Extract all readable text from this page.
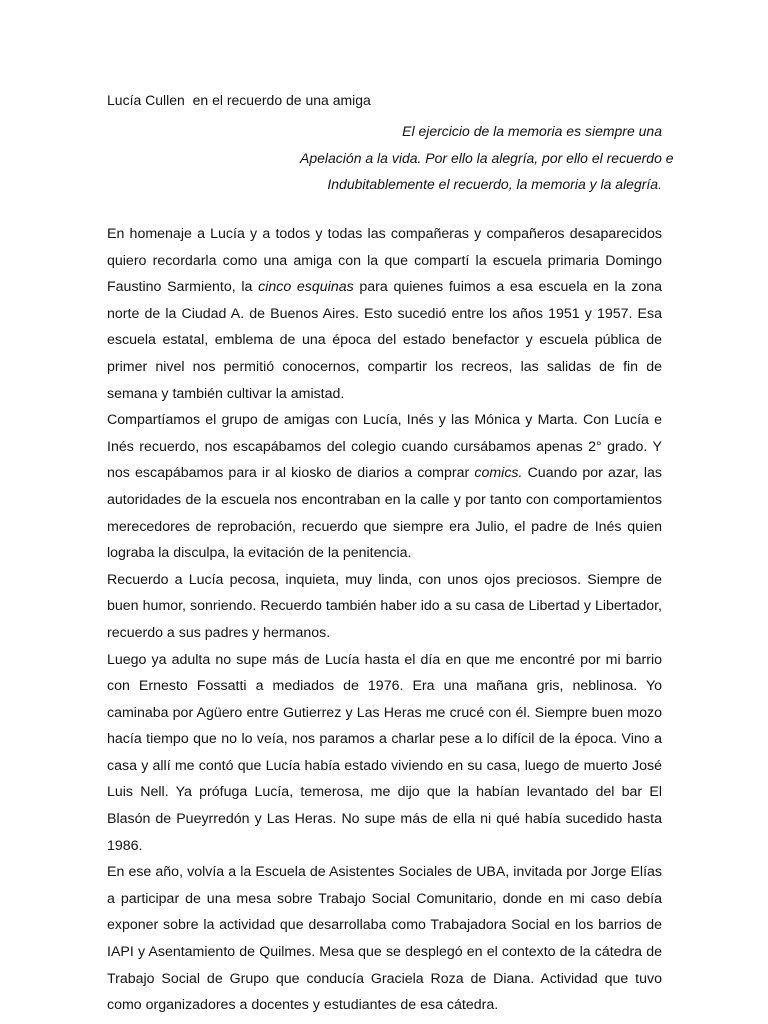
Lucía Cullen  en el recuerdo de una amiga
El ejercicio de la memoria es siempre una
Apelación a la vida. Por ello la alegría, por ello el recuerdo e
Indubitablemente el recuerdo, la memoria y la alegría.

En homenaje a Lucía y a todos y todas las compañeras y compañeros desaparecidos quiero recordarla como una amiga con la que compartí la escuela primaria Domingo Faustino Sarmiento, la cinco esquinas para quienes fuimos a esa escuela en la zona norte de la Ciudad A. de Buenos Aires. Esto sucedió entre los años 1951 y 1957. Esa escuela estatal, emblema de una época del estado benefactor y escuela pública de primer nivel nos permitió conocernos, compartir los recreos, las salidas de fin de semana y también cultivar la amistad.

Compartíamos el grupo de amigas con Lucía, Inés y las Mónica y Marta. Con Lucía e Inés recuerdo, nos escapábamos del colegio cuando cursábamos apenas 2° grado. Y nos escapábamos para ir al kiosko de diarios a comprar comics. Cuando por azar, las autoridades de la escuela nos encontraban en la calle y por tanto con comportamientos merecedores de reprobación, recuerdo que siempre era Julio, el padre de Inés quien lograba la disculpa, la evitación de la penitencia.

Recuerdo a Lucía pecosa, inquieta, muy linda, con unos ojos preciosos. Siempre de buen humor, sonriendo. Recuerdo también haber ido a su casa de Libertad y Libertador, recuerdo a sus padres y hermanos.

Luego ya adulta no supe más de Lucía hasta el día en que me encontré por mi barrio con Ernesto Fossatti a mediados de 1976. Era una mañana gris, neblinosa. Yo caminaba por Agüero entre Gutierrez y Las Heras me crucé con él. Siempre buen mozo hacía tiempo que no lo veía, nos paramos a charlar pese a lo difícil de la época. Vino a casa y allí me contó que Lucía había estado viviendo en su casa, luego de muerto José Luis Nell. Ya prófuga Lucía, temerosa, me dijo que la habían levantado del bar El Blasón de Pueyrredón y Las Heras. No supe más de ella ni qué había sucedido hasta 1986.

En ese año, volvía a la Escuela de Asistentes Sociales de UBA, invitada por Jorge Elías a participar de una mesa sobre Trabajo Social Comunitario, donde en mi caso debía exponer sobre la actividad que desarrollaba como Trabajadora Social en los barrios de IAPI y Asentamiento de Quilmes. Mesa que se desplegó en el contexto de la cátedra de Trabajo Social de Grupo que conducía Graciela Roza de Diana. Actividad que tuvo como organizadores a docentes y estudiantes de esa cátedra.
